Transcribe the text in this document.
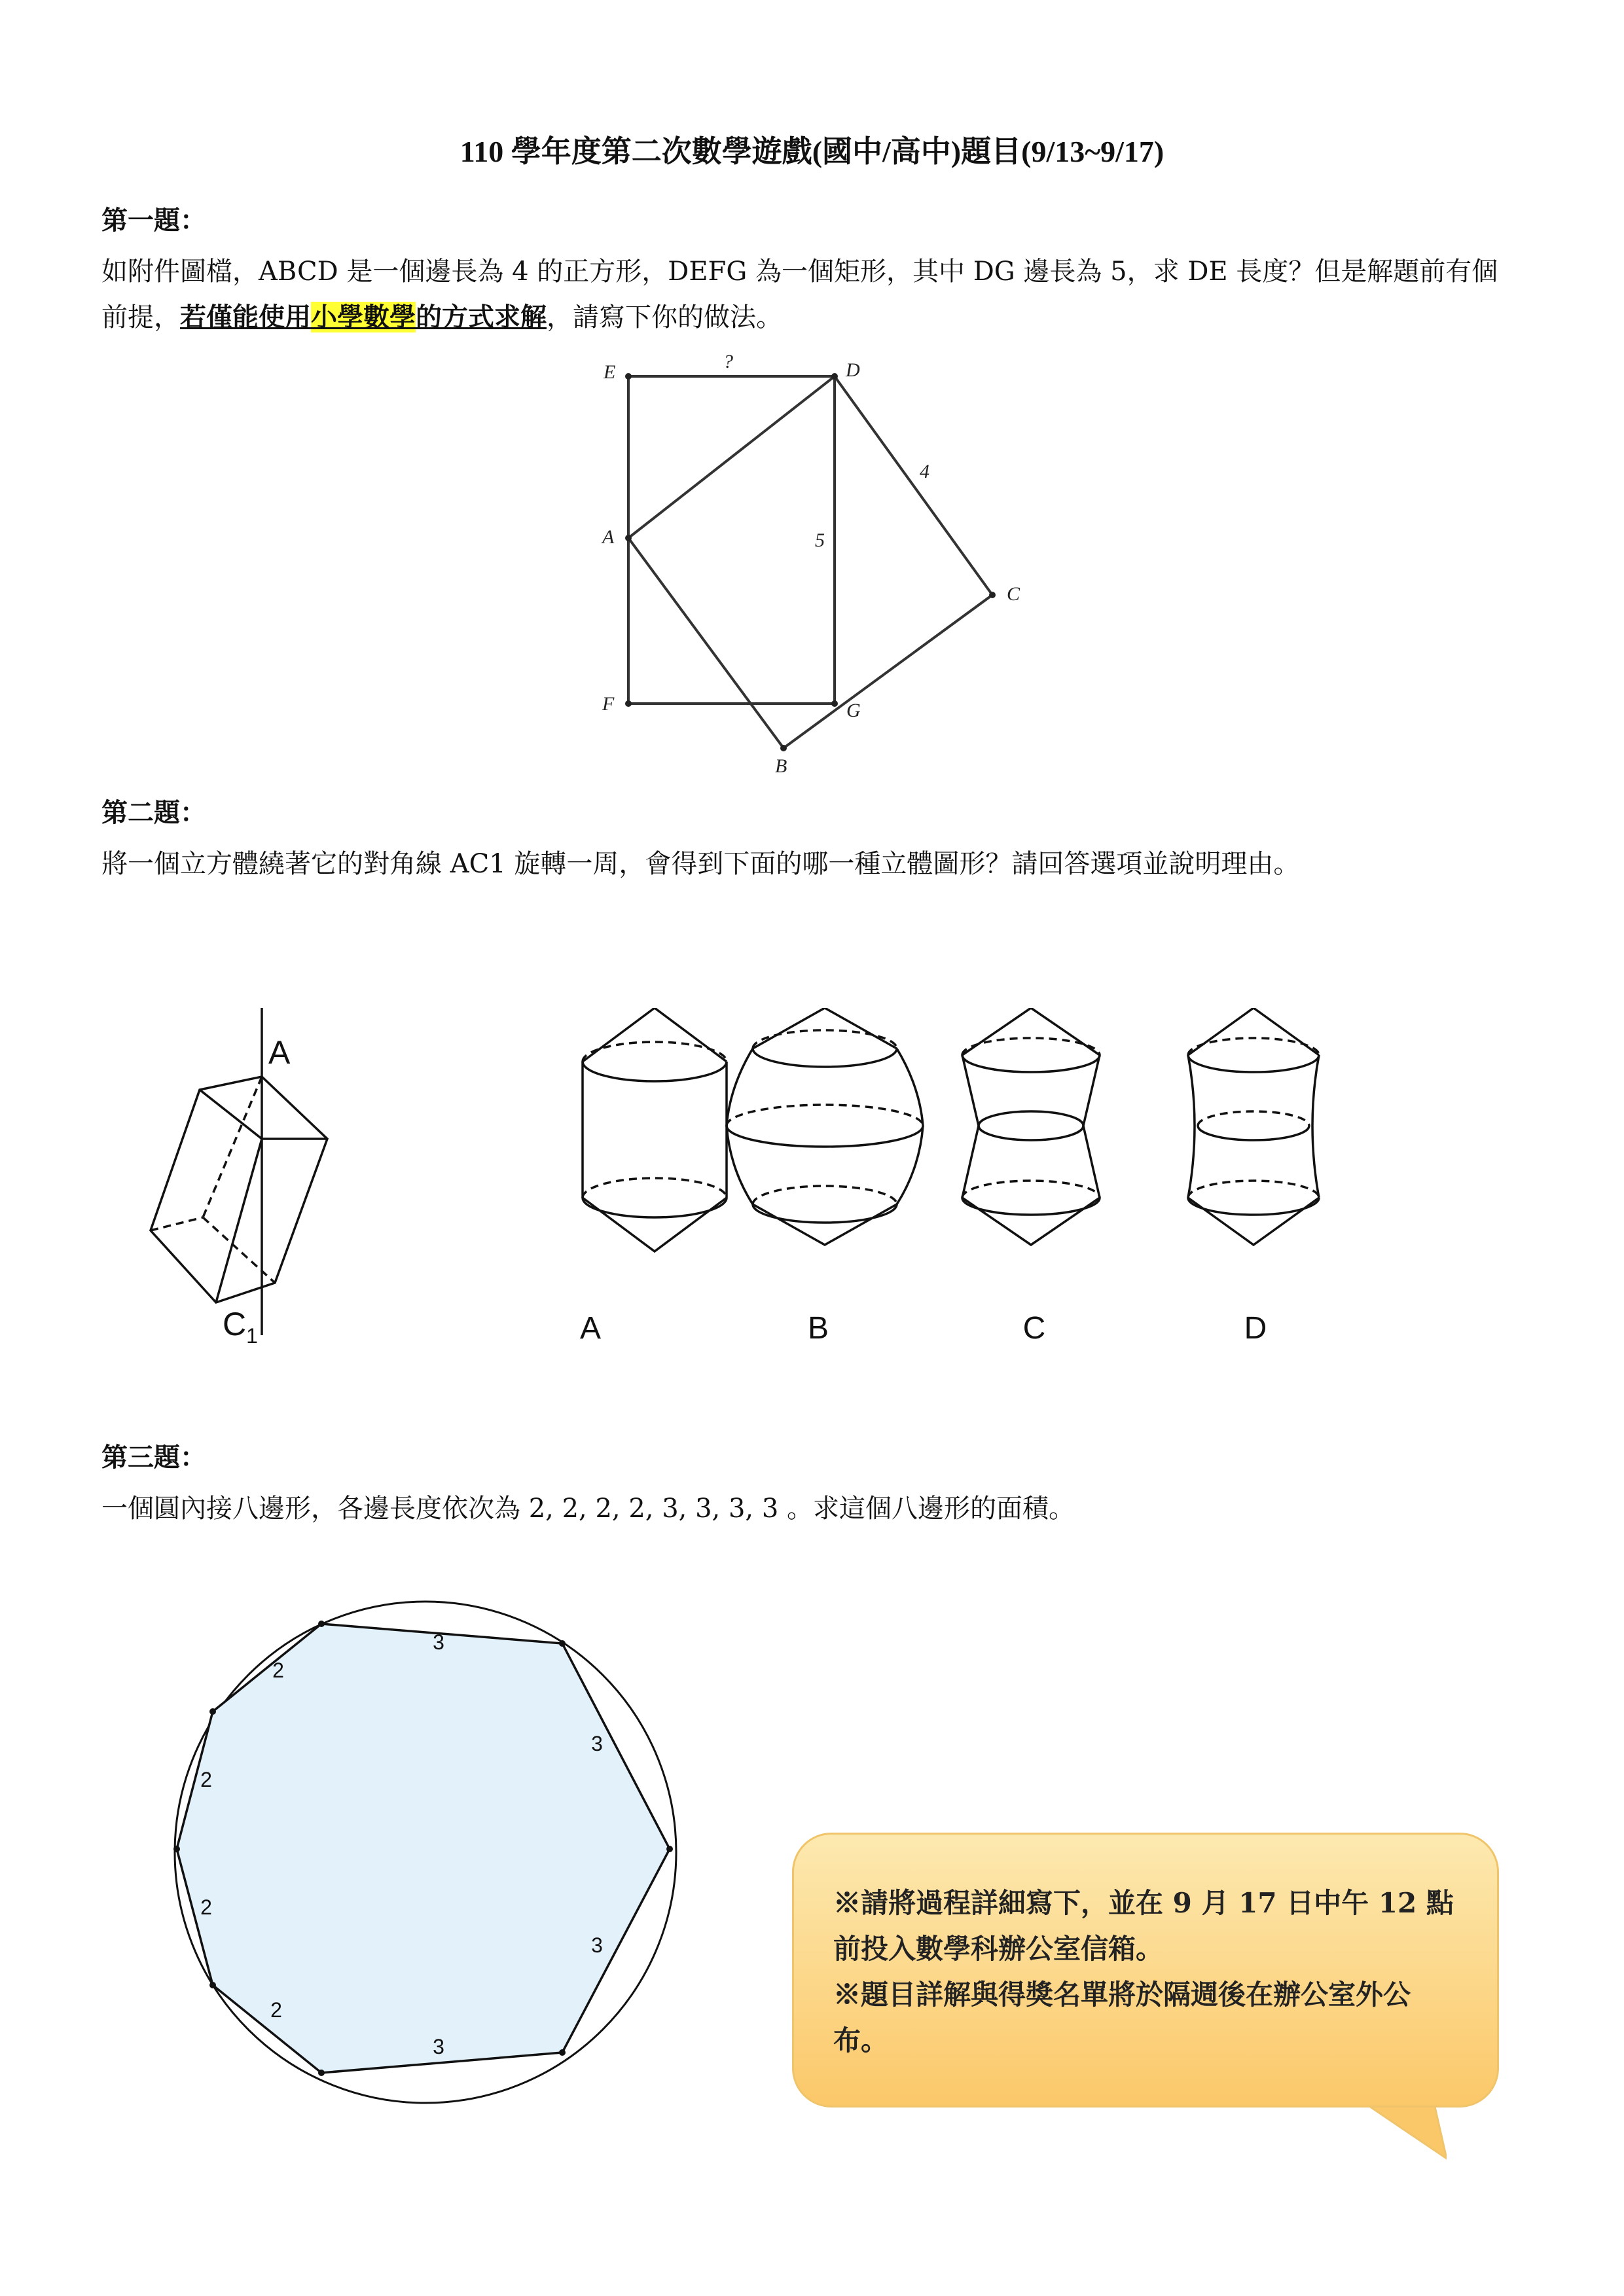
110 學年度第二次數學遊戲(國中/高中)題目(9/13~9/17)
第一題：
如附件圖檔，ABCD 是一個邊長為 4 的正方形，DEFG 為一個矩形，其中 DG 邊長為 5，求 DE 長度？但是解題前有個前提，若僅能使用小學數學的方式求解，請寫下你的做法。
E	D
A
C
F	G
B
?
4
5
第二題：
將一個立方體繞著它的對角線 AC1 旋轉一周，會得到下面的哪一種立體圖形？請回答選項並說明理由。
A
$C_1$	A	B	C	D
第三題：
一個圓內接八邊形，各邊長度依次為 2, 2, 2, 2, 3, 3, 3, 3 。求這個八邊形的面積。
3
3
3
3
2
2
2
2
※請將過程詳細寫下，並在 9 月 17 日中午 12 點前投入數學科辦公室信箱。
※題目詳解與得獎名單將於隔週後在辦公室外公布。
